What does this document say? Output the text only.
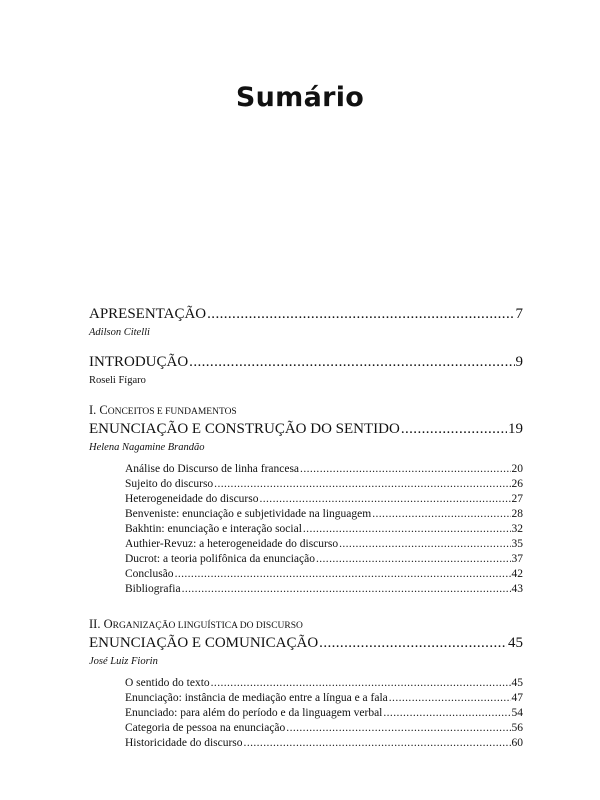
Sumário
APRESENTAÇÃO .....	7
Adilson Citelli
INTRODUÇÃO .....	9
Roseli Fígaro
I. CONCEITOS E FUNDAMENTOS
ENUNCIAÇÃO E CONSTRUÇÃO DO SENTIDO .....	19
Helena Nagamine Brandão
Análise do Discurso de linha francesa .....	20
Sujeito do discurso .....	26
Heterogeneidade do discurso .....	27
Benveniste: enunciação e subjetividade na linguagem .....	28
Bakhtin: enunciação e interação social .....	32
Authier-Revuz: a heterogeneidade do discurso .....	35
Ducrot: a teoria polifônica da enunciação .....	37
Conclusão .....	42
Bibliografia .....	43
II. ORGANIZAÇÃO LINGUÍSTICA DO DISCURSO
ENUNCIAÇÃO E COMUNICAÇÃO .....	45
José Luiz Fiorin
O sentido do texto .....	45
Enunciação: instância de mediação entre a língua e a fala .....	47
Enunciado: para além do período e da linguagem verbal .....	54
Categoria de pessoa na enunciação .....	56
Historicidade do discurso .....	60
